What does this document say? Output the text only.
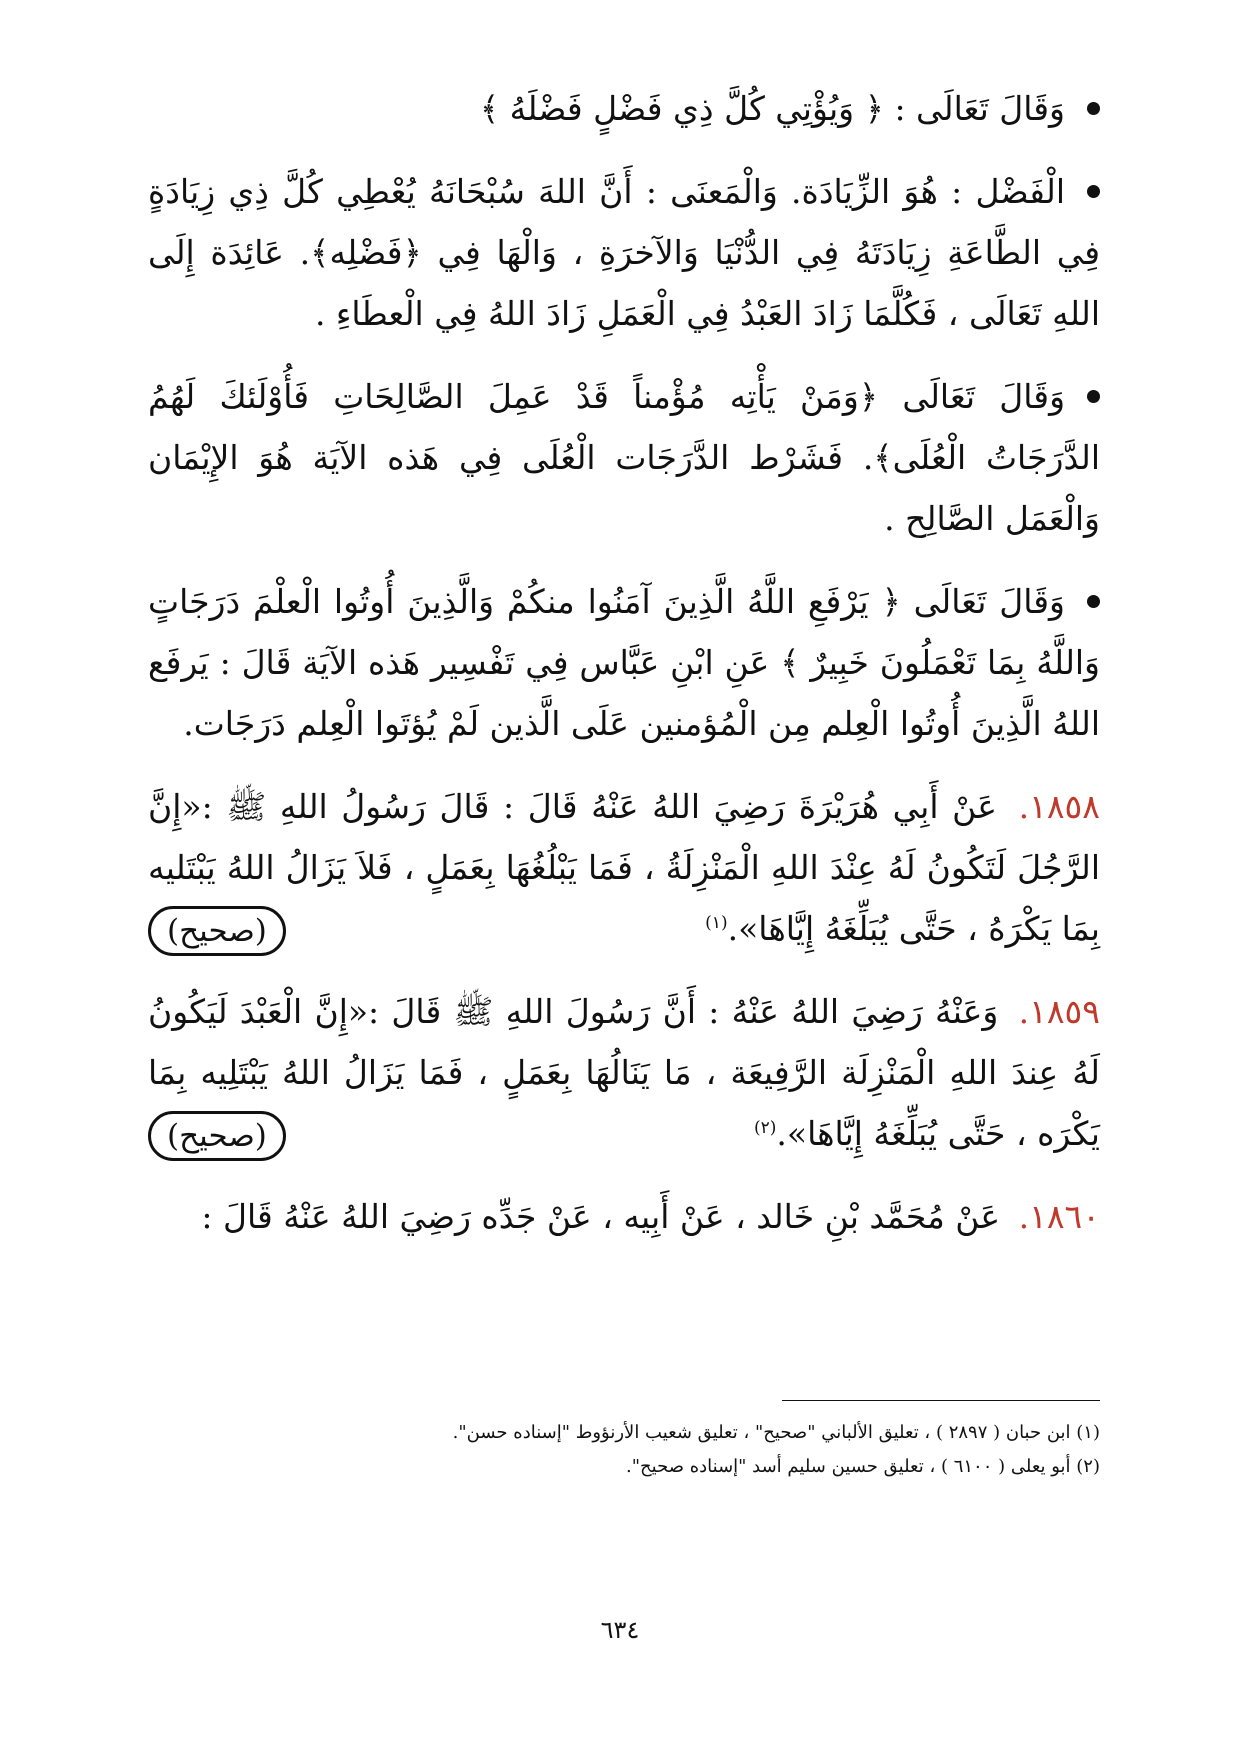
وَقَالَ تَعَالَى : ﴿ وَيُؤْتِي كُلَّ ذِي فَضْلٍ فَضْلَهُ ﴾

الْفَضْل : هُوَ الزِّيَادَة. وَالْمَعنَى : أَنَّ اللهَ سُبْحَانَهُ يُعْطِي كُلَّ ذِي زِيَادَةٍ فِي الطَّاعَةِ زِيَادَتَهُ فِي الدُّنْيَا وَالآخرَةِ ، وَالْهَا فِي ﴿فَضْلِه﴾. عَائِدَة إِلَى اللهِ تَعَالَى ، فَكُلَّمَا زَادَ العَبْدُ فِي الْعَمَلِ زَادَ اللهُ فِي الْعطَاءِ .

وَقَالَ تَعَالَى ﴿وَمَنْ يَأْتِه مُؤْمناً قَدْ عَمِلَ الصَّالِحَاتِ فَأُوْلَئكَ لَهُمُ الدَّرَجَاتُ الْعُلَى﴾. فَشَرْط الدَّرَجَات الْعُلَى فِي هَذه الآيَة هُوَ الإِيْمَان وَالْعَمَل الصَّالِح .

وَقَالَ تَعَالَى ﴿ يَرْفَعِ اللَّهُ الَّذِينَ آمَنُوا منكُمْ وَالَّذِينَ أُوتُوا الْعلْمَ دَرَجَاتٍ وَاللَّهُ بِمَا تَعْمَلُونَ خَبِيرٌ ﴾ عَنِ ابْنِ عَبَّاس فِي تَفْسِير هَذه الآيَة قَالَ : يَرفَع اللهُ الَّذِينَ أُوتُوا الْعِلم مِن الْمُؤمنين عَلَى الَّذين لَمْ يُؤتَوا الْعِلم دَرَجَات.

١٨٥٨. عَنْ أَبِي هُرَيْرَةَ رَضِيَ اللهُ عَنْهُ قَالَ : قَالَ رَسُولُ اللهِ ﷺ :«إِنَّ الرَّجُلَ لَتَكُونُ لَهُ عِنْدَ اللهِ الْمَنْزِلَةُ ، فَمَا يَبْلُغُهَا بِعَمَلٍ ، فَلاَ يَزَالُ اللهُ يَبْتَليه بِمَا يَكْرَهُ ، حَتَّى يُبَلِّغَهُ إِيَّاهَا».$^{(١)}$
(صحيح)
١٨٥٩. وَعَنْهُ رَضِيَ اللهُ عَنْهُ : أَنَّ رَسُولَ اللهِ ﷺ قَالَ :«إِنَّ الْعَبْدَ لَيَكُونُ لَهُ عِندَ اللهِ الْمَنْزِلَة الرَّفِيعَة ، مَا يَنَالُهَا بِعَمَلٍ ، فَمَا يَزَالُ اللهُ يَبْتَلِيه بِمَا يَكْرَه ، حَتَّى يُبَلِّغَهُ إِيَّاهَا».$^{(٢)}$
(صحيح)

١٨٦٠. عَنْ مُحَمَّد بْنِ خَالد ، عَنْ أَبِيه ، عَنْ جَدِّه رَضِيَ اللهُ عَنْهُ قَالَ :

(١) ابن حبان ( ٢٨٩٧ ) ، تعليق الألباني "صحيح" ، تعليق شعيب الأرنؤوط "إسناده حسن".

(٢) أبو يعلى ( ٦١٠٠ ) ، تعليق حسين سليم أسد "إسناده صحيح".

٦٣٤
